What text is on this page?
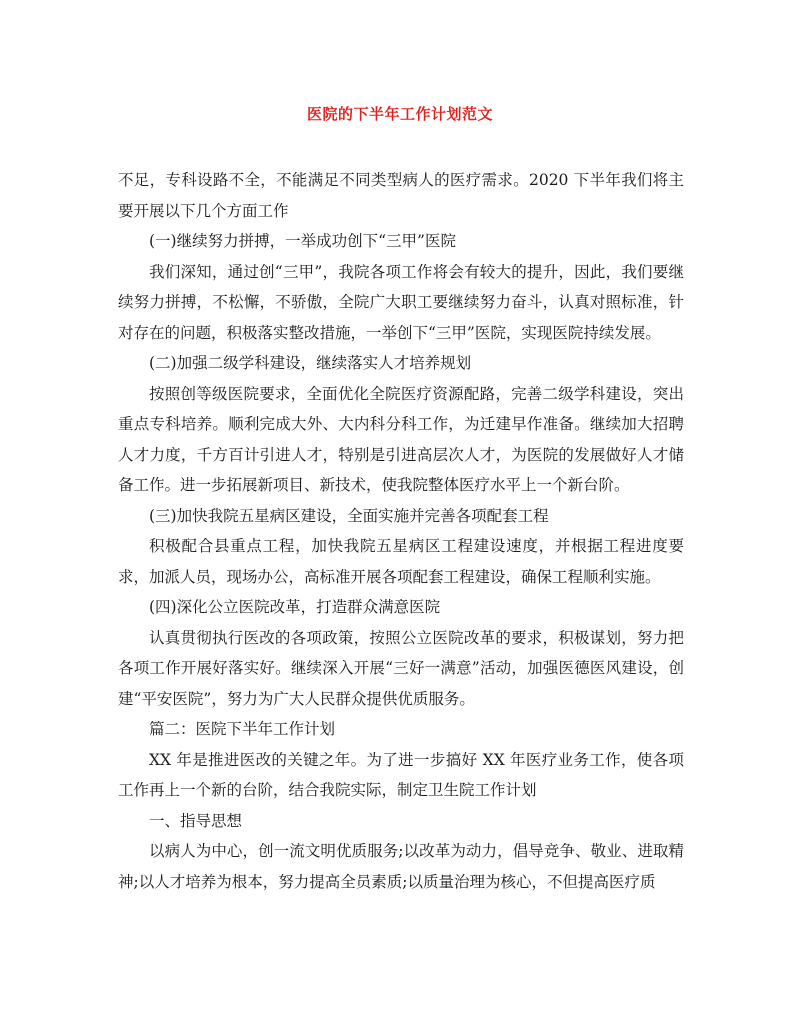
医院的下半年工作计划范文

不足，专科设路不全，不能满足不同类型病人的医疗需求。2020 下半年我们将主要开展以下几个方面工作

(一)继续努力拼搏，一举成功创下“三甲”医院

我们深知，通过创“三甲”，我院各项工作将会有较大的提升，因此，我们要继续努力拼搏，不松懈，不骄傲，全院广大职工要继续努力奋斗，认真对照标准，针对存在的问题，积极落实整改措施，一举创下“三甲”医院，实现医院持续发展。

(二)加强二级学科建设，继续落实人才培养规划

按照创等级医院要求，全面优化全院医疗资源配路，完善二级学科建设，突出重点专科培养。顺利完成大外、大内科分科工作，为迁建早作准备。继续加大招聘人才力度，千方百计引进人才，特别是引进高层次人才，为医院的发展做好人才储备工作。进一步拓展新项目、新技术，使我院整体医疗水平上一个新台阶。

(三)加快我院五星病区建设，全面实施并完善各项配套工程

积极配合县重点工程，加快我院五星病区工程建设速度，并根据工程进度要求，加派人员，现场办公，高标准开展各项配套工程建设，确保工程顺利实施。

(四)深化公立医院改革，打造群众满意医院

认真贯彻执行医改的各项政策，按照公立医院改革的要求，积极谋划，努力把各项工作开展好落实好。继续深入开展“三好一满意”活动，加强医德医风建设，创建“平安医院”，努力为广大人民群众提供优质服务。

篇二：医院下半年工作计划

XX 年是推进医改的关键之年。为了进一步搞好 XX 年医疗业务工作，使各项工作再上一个新的台阶，结合我院实际，制定卫生院工作计划

一、指导思想

以病人为中心，创一流文明优质服务;以改革为动力，倡导竞争、敬业、进取精神;以人才培养为根本，努力提高全员素质;以质量治理为核心，不但提高医疗质
